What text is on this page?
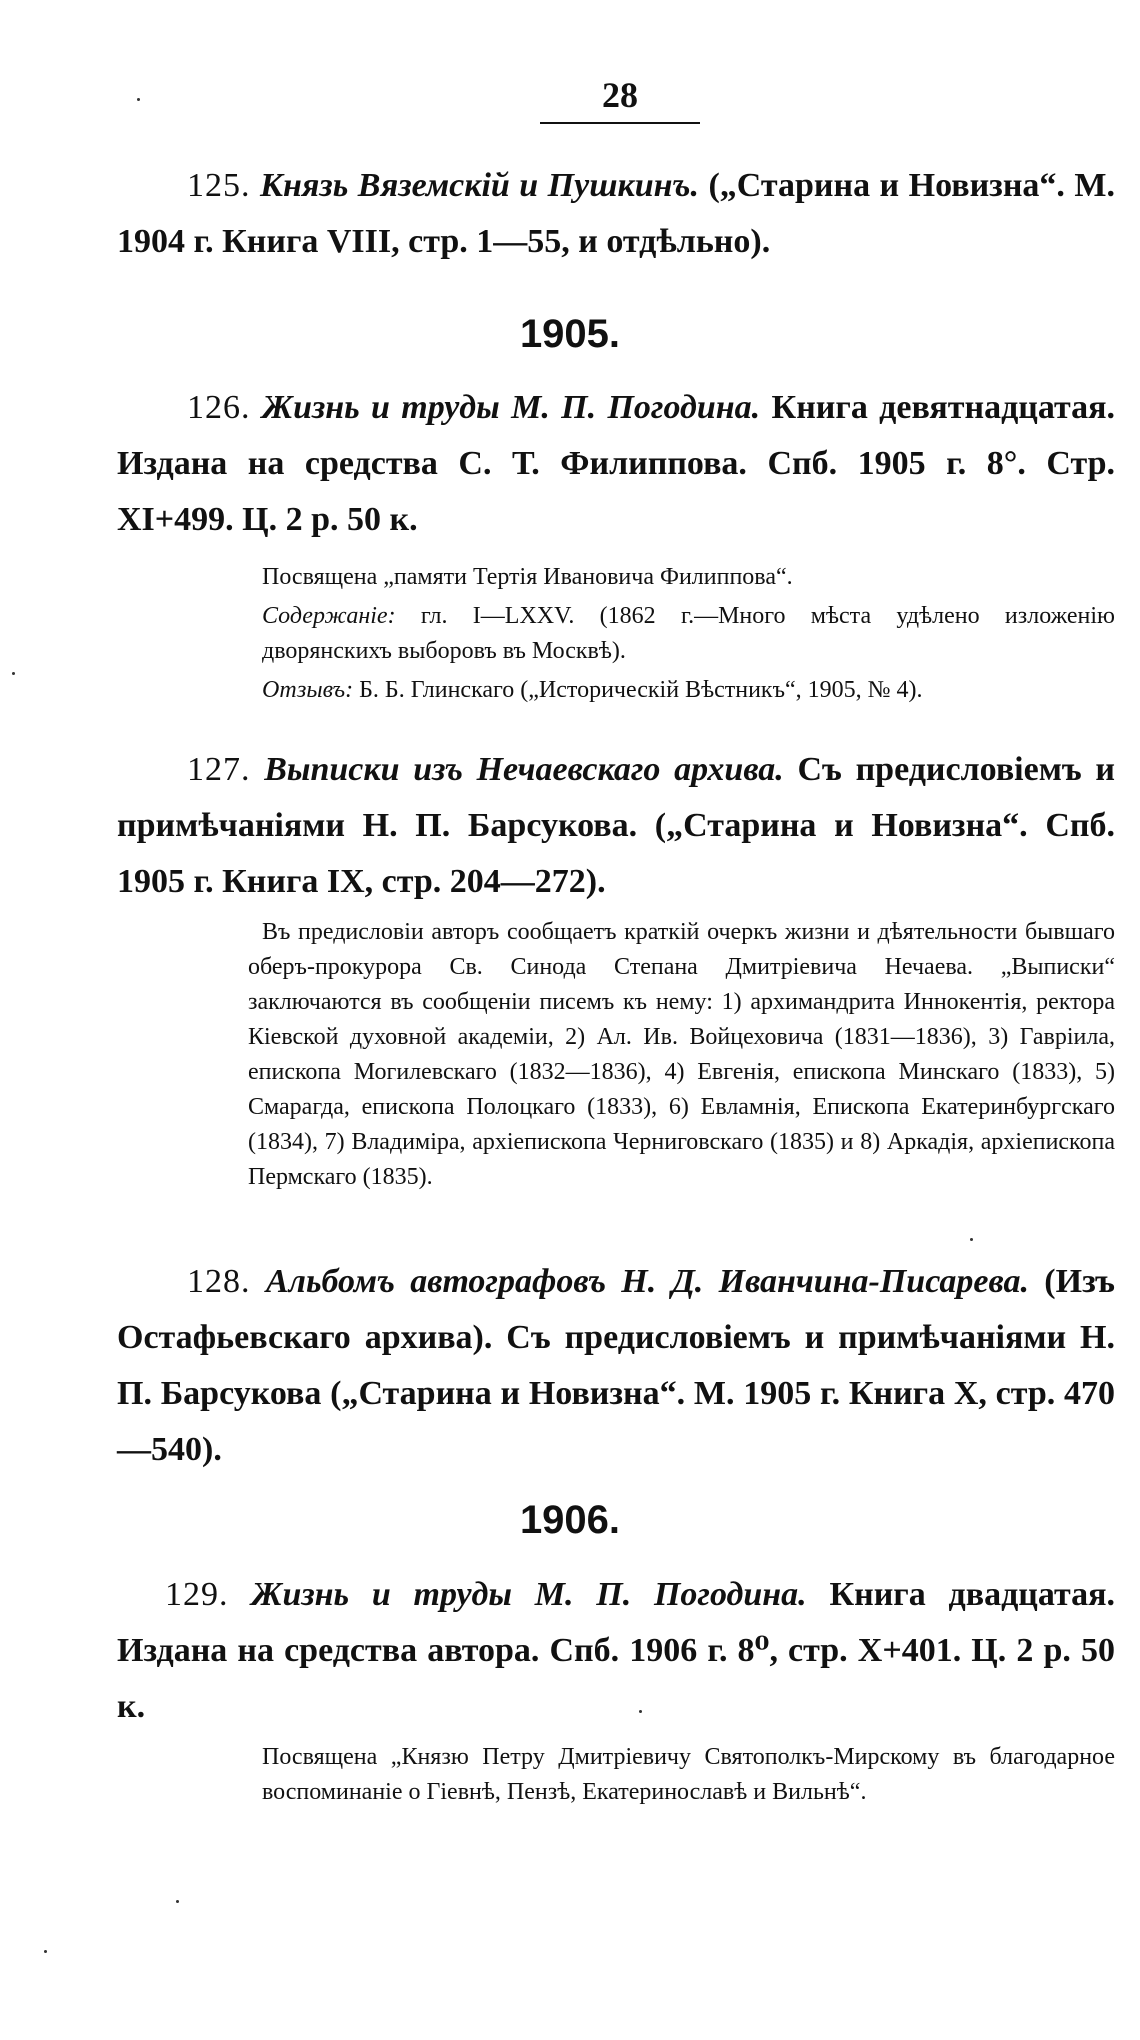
28
125. Князь Вяземскій и Пушкинъ. („Старина и Новизна“. М. 1904 г. Книга VIII, стр. 1—55, и отдѣльно).
1905.
126. Жизнь и труды М. П. Погодина. Книга девятнадцатая. Издана на средства С. Т. Филиппова. Спб. 1905 г. 8°. Стр. XI+499. Ц. 2 р. 50 к.
Посвящена „памяти Тертія Ивановича Филиппова“.
Содержаніе: гл. I—LXXV. (1862 г.—Много мѣста удѣлено изложенію дворянскихъ выборовъ въ Москвѣ).
Отзывъ: Б. Б. Глинскаго („Историческій Вѣстникъ“, 1905, № 4).
127. Выписки изъ Нечаевскаго архива. Съ предисловіемъ и примѣчаніями Н. П. Барсукова. („Старина и Новизна“. Спб. 1905 г. Книга IX, стр. 204—272).
Въ предисловіи авторъ сообщаетъ краткій очеркъ жизни и дѣятельности бывшаго оберъ-прокурора Св. Синода Степана Дмитріевича Нечаева. „Выписки“ заключаются въ сообщеніи писемъ къ нему: 1) архимандрита Иннокентія, ректора Кіевской духовной академіи, 2) Ал. Ив. Войцеховича (1831—1836), 3) Гаврiила, епископа Могилевскаго (1832—1836), 4) Евгенія, епископа Минскаго (1833), 5) Смарагда, епископа Полоцкаго (1833), 6) Евламнія, Епископа Екатеринбургскаго (1834), 7) Владиміра, архіепископа Черниговскаго (1835) и 8) Аркадія, архіепископа Пермскаго (1835).
128. Альбомъ автографовъ Н. Д. Иванчина-Писарева. (Изъ Остафьевскаго архива). Съ предисловіемъ и примѣчаніями Н. П. Барсукова („Старина и Новизна“. М. 1905 г. Книга X, стр. 470—540).
1906.
129. Жизнь и труды М. П. Погодина. Книга двадцатая. Издана на средства автора. Спб. 1906 г. 8⁰, стр. X+401. Ц. 2 р. 50 к.
Посвящена „Князю Петру Дмитріевичу Святополкъ-Мирскому въ благодарное воспоминаніе о Гіевнѣ, Пензѣ, Екатеринославѣ и Вильнѣ“.
